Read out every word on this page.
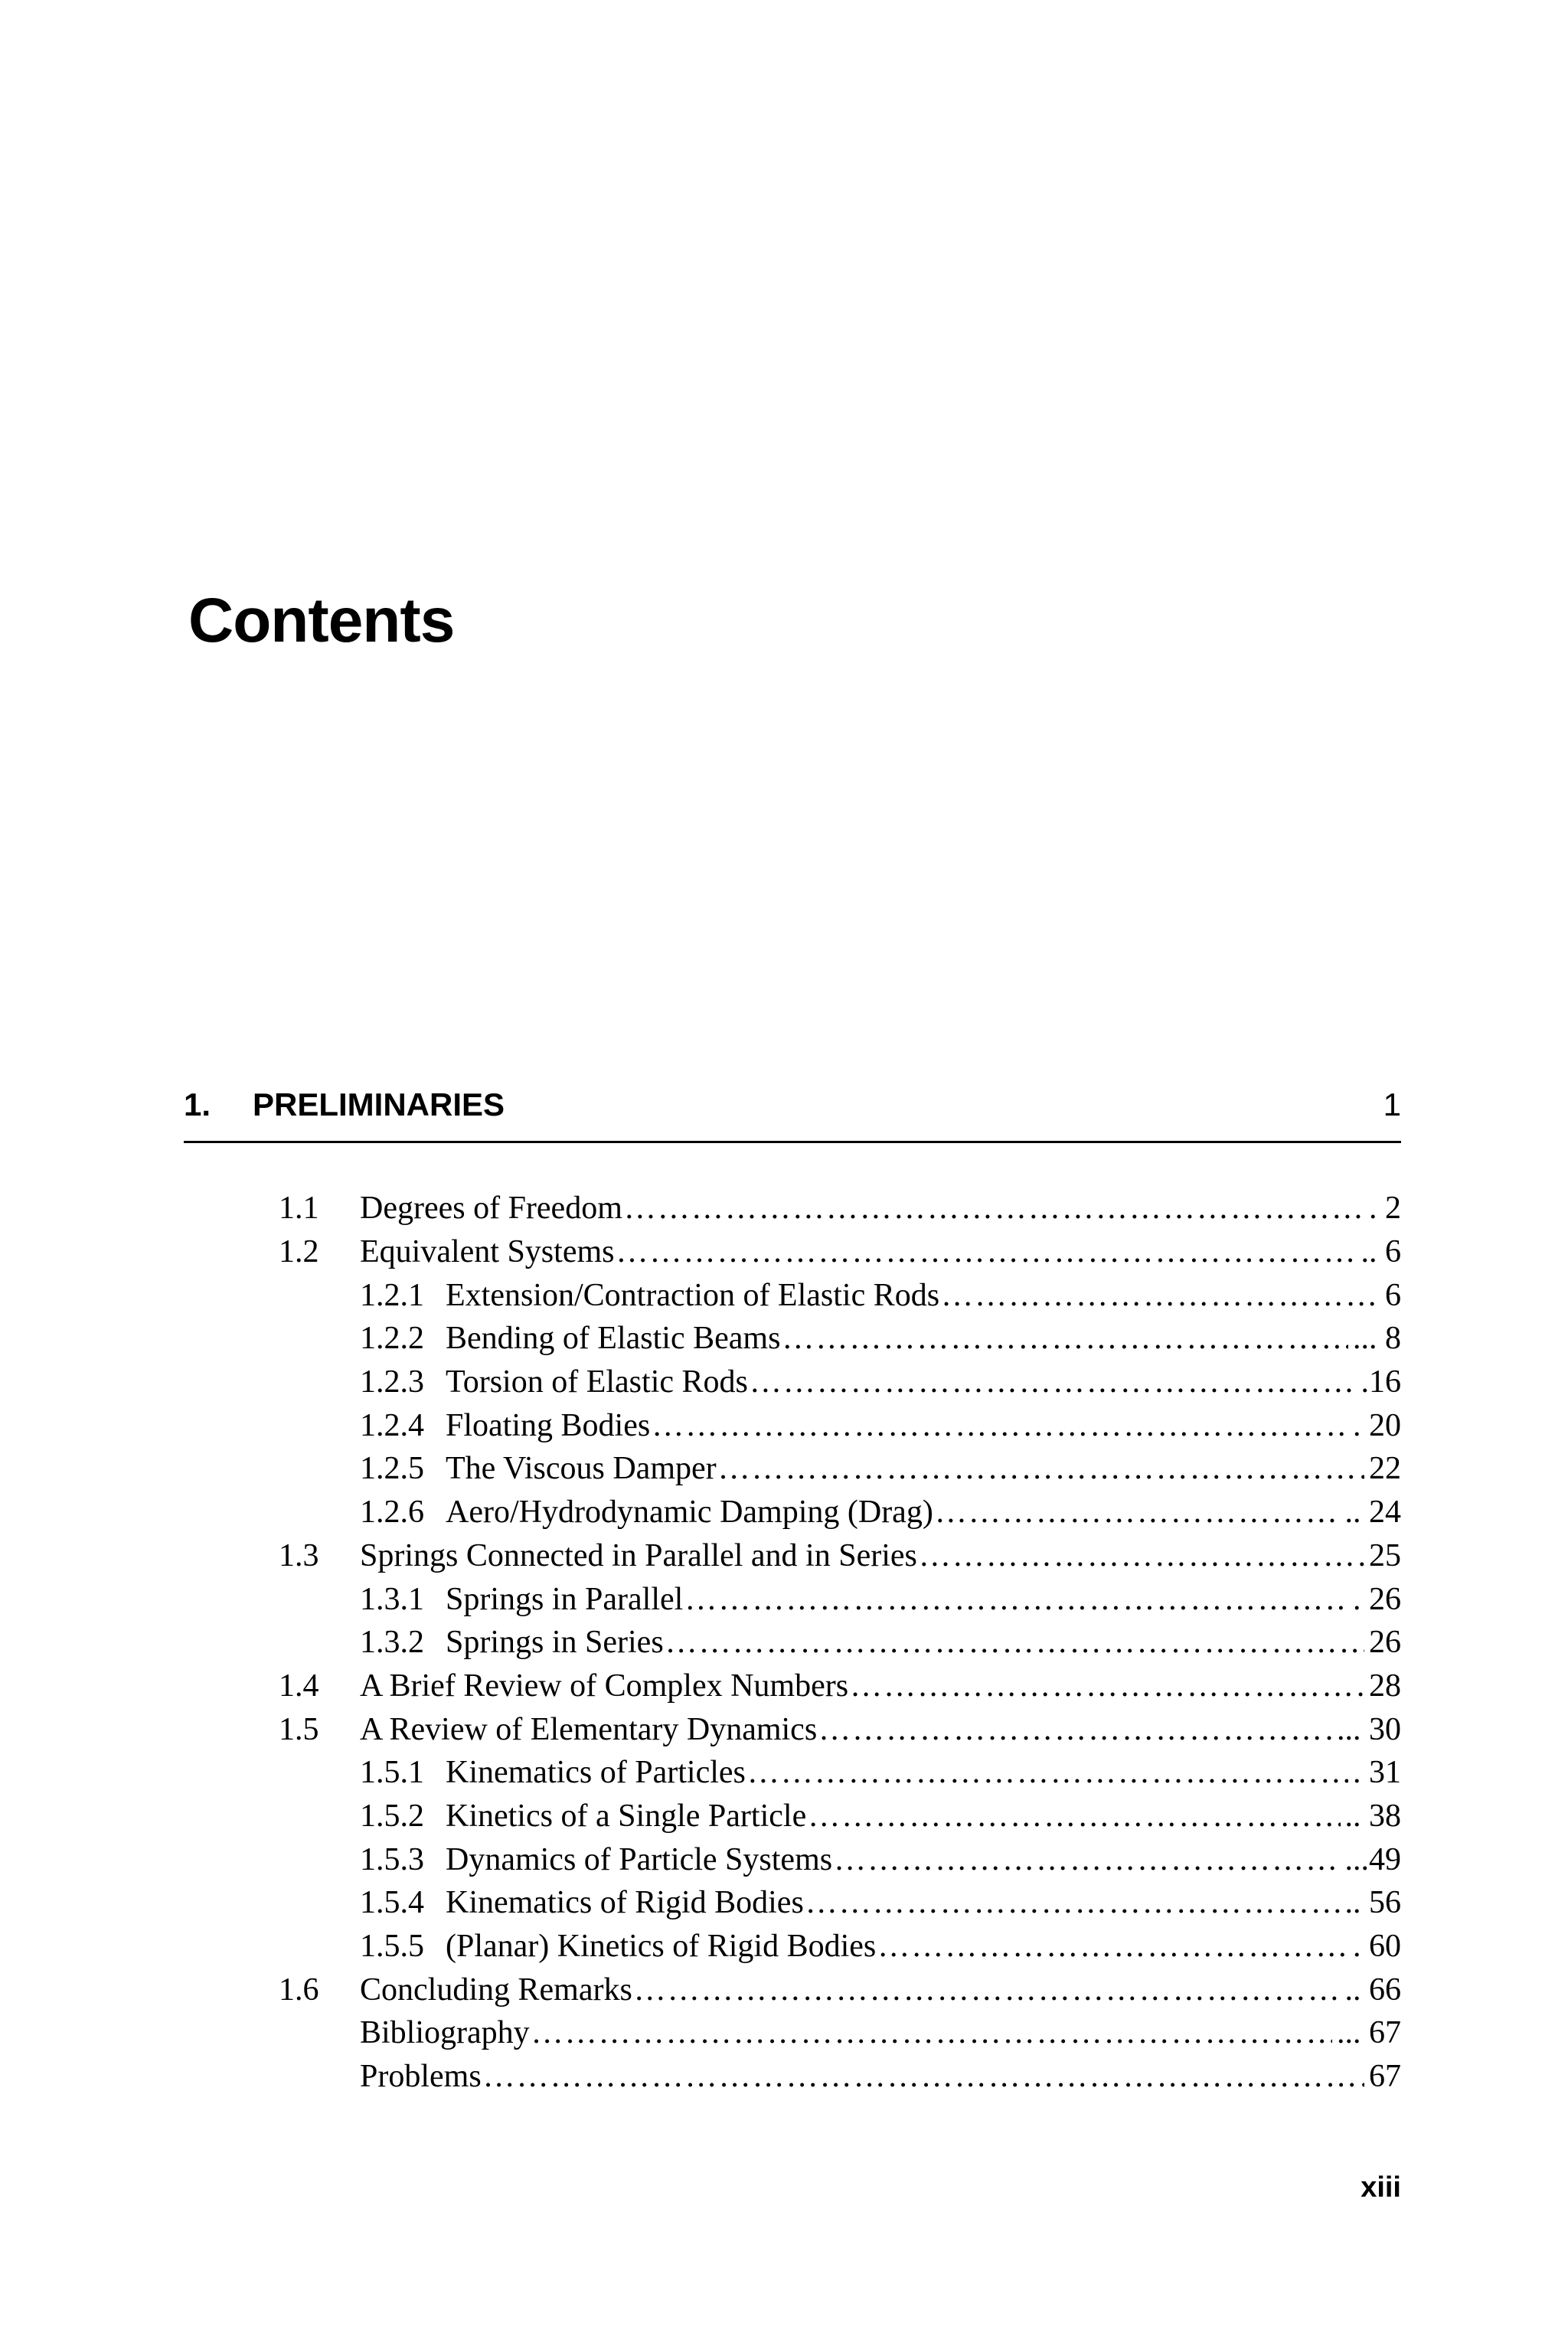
Contents
1.	PRELIMINARIES	1
1.1	Degrees of Freedom …………………………………………………………………………………………………………………………………………………………………………………………	. 2
1.2	Equivalent Systems …………………………………………………………………………………………………………………………………………………………………………………………	.. 6
1.2.1 Extension/Contraction of Elastic Rods …………………………………………………………………………………………………………………………………………………………………………………………	6
1.2.2 Bending of Elastic Beams …………………………………………………………………………………………………………………………………………………………………………………………	... 8
1.2.3 Torsion of Elastic Rods …………………………………………………………………………………………………………………………………………………………………………………………	.16
1.2.4 Floating Bodies …………………………………………………………………………………………………………………………………………………………………………………………	. 20
1.2.5 The Viscous Damper …………………………………………………………………………………………………………………………………………………………………………………………	22
1.2.6 Aero/Hydrodynamic Damping (Drag) …………………………………………………………………………………………………………………………………………………………………………………………	.. 24
1.3	Springs Connected in Parallel and in Series …………………………………………………………………………………………………………………………………………………………………………………………	25
1.3.1 Springs in Parallel …………………………………………………………………………………………………………………………………………………………………………………………	. 26
1.3.2 Springs in Series …………………………………………………………………………………………………………………………………………………………………………………………	26
1.4	A Brief Review of Complex Numbers …………………………………………………………………………………………………………………………………………………………………………………………	28
1.5	A Review of Elementary Dynamics …………………………………………………………………………………………………………………………………………………………………………………………	... 30
1.5.1 Kinematics of Particles …………………………………………………………………………………………………………………………………………………………………………………………	. 31
1.5.2 Kinetics of a Single Particle …………………………………………………………………………………………………………………………………………………………………………………………	.. 38
1.5.3 Dynamics of Particle Systems …………………………………………………………………………………………………………………………………………………………………………………………	...49
1.5.4 Kinematics of Rigid Bodies …………………………………………………………………………………………………………………………………………………………………………………………	.. 56
1.5.5 (Planar) Kinetics of Rigid Bodies …………………………………………………………………………………………………………………………………………………………………………………………	. 60
1.6	Concluding Remarks …………………………………………………………………………………………………………………………………………………………………………………………	.. 66
Bibliography …………………………………………………………………………………………………………………………………………………………………………………………	... 67
Problems …………………………………………………………………………………………………………………………………………………………………………………………	67
xiii
